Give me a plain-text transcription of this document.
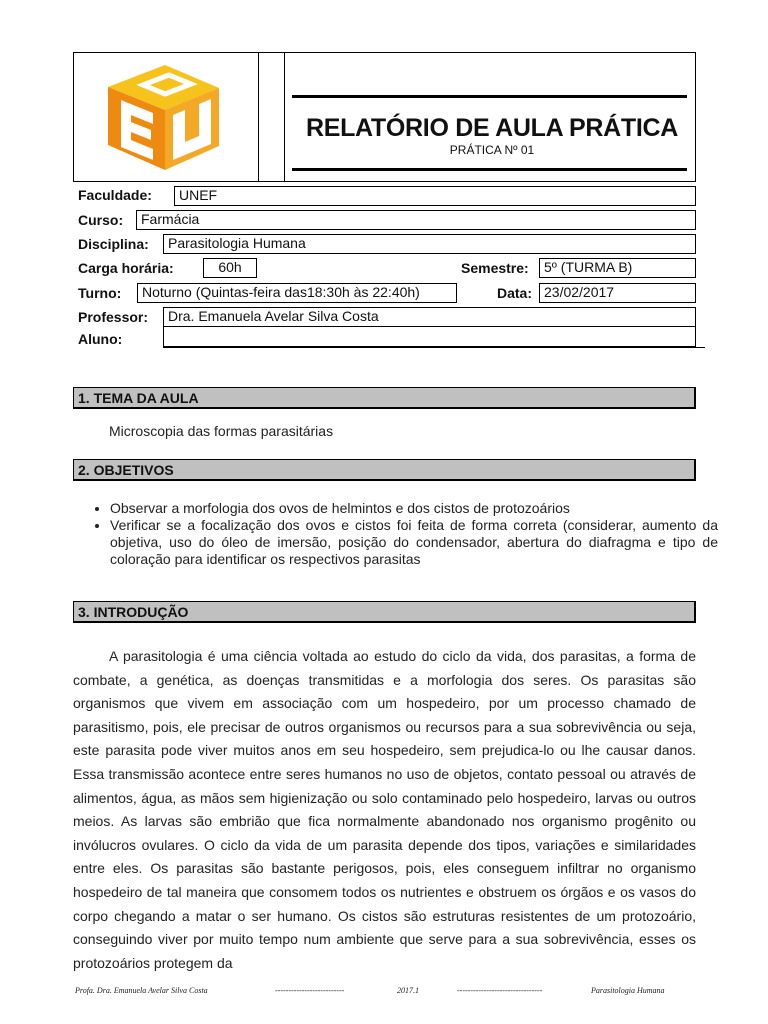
RELATÓRIO DE AULA PRÁTICA
PRÁTICA Nº 01
Faculdade:	UNEF
Curso:	Farmácia
Disciplina:	Parasitologia Humana
Carga horária:	60h	Semestre:	5º (TURMA B)
Turno:	Noturno (Quintas-feira das18:30h às 22:40h)	Data: 23/02/2017
Professor:	Dra. Emanuela Avelar Silva Costa
Aluno:
1. TEMA DA AULA
Microscopia das formas parasitárias
2. OBJETIVOS
• Observar a morfologia dos ovos de helmintos e dos cistos de protozoários
• Verificar se a focalização dos ovos e cistos foi feita de forma correta (considerar, aumento da objetiva, uso do óleo de imersão, posição do condensador, abertura do diafragma e tipo de coloração para identificar os respectivos parasitas
3. INTRODUÇÃO

A parasitologia é uma ciência voltada ao estudo do ciclo da vida, dos parasitas, a forma de combate, a genética, as doenças transmitidas e a morfologia dos seres. Os parasitas são organismos que vivem em associação com um hospedeiro, por um processo chamado de parasitismo, pois, ele precisar de outros organismos ou recursos para a sua sobrevivência ou seja, este parasita pode viver muitos anos em seu hospedeiro, sem prejudica-lo ou lhe causar danos. Essa transmissão acontece entre seres humanos no uso de objetos, contato pessoal ou através de alimentos, água, as mãos sem higienização ou solo contaminado pelo hospedeiro, larvas ou outros meios. As larvas são embrião que fica normalmente abandonado nos organismo progênito ou invólucros ovulares. O ciclo da vida de um parasita depende dos tipos, variações e similaridades entre eles. Os parasitas são bastante perigosos, pois, eles conseguem infiltrar no organismo hospedeiro de tal maneira que consomem todos os nutrientes e obstruem os órgãos e os vasos do corpo chegando a matar o ser humano. Os cistos são estruturas resistentes de um protozoário, conseguindo viver por muito tempo num ambiente que serve para a sua sobrevivência, esses os protozoários protegem da

Profa. Dra. Emanuela Avelar Silva Costa	--------------------------	2017.1	--------------------------------	Parasitologia Humana
